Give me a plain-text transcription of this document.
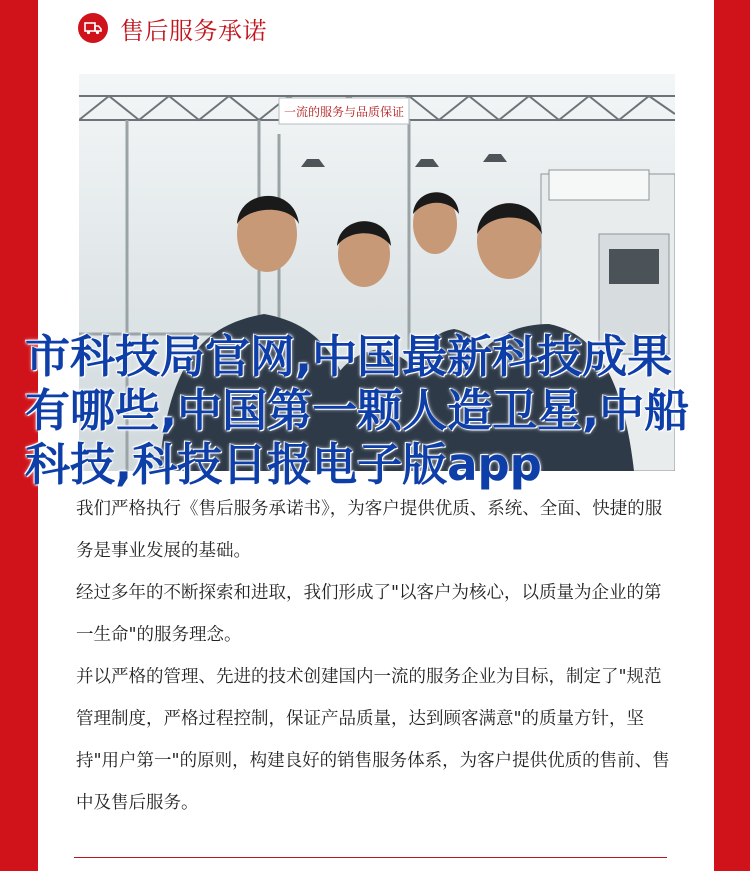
售后服务承诺
一流的服务与品质保证

我们严格执行《售后服务承诺书》，为客户提供优质、系统、全面、快捷的服务是事业发展的基础。

经过多年的不断探索和进取，我们形成了"以客户为核心，以质量为企业的第一生命"的服务理念。

并以严格的管理、先进的技术创建国内一流的服务企业为目标，制定了"规范管理制度，严格过程控制，保证产品质量，达到顾客满意"的质量方针，坚持"用户第一"的原则，构建良好的销售服务体系，为客户提供优质的售前、售中及售后服务。

市科技局官网,中国最新科技成果有哪些,中国第一颗人造卫星,中船科技,科技日报电子版app
